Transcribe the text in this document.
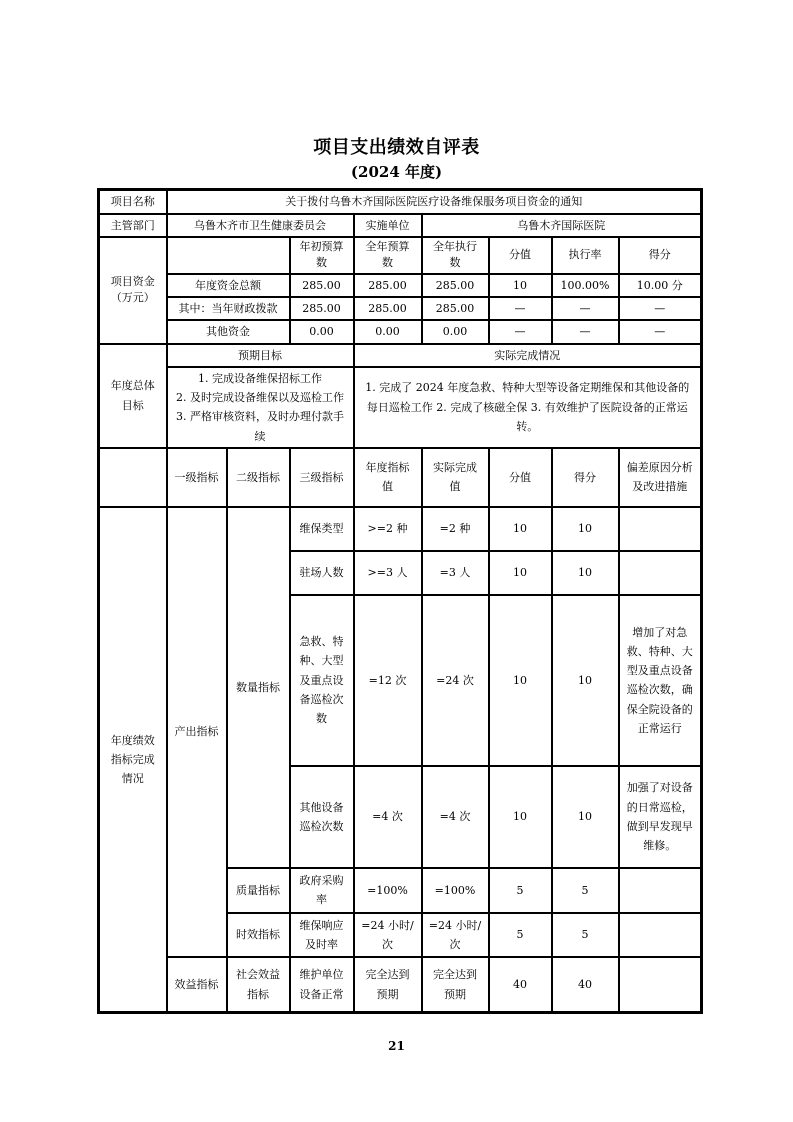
项目支出绩效自评表
(2024 年度)
项目名称	关于拨付乌鲁木齐国际医院医疗设备维保服务项目资金的通知							
主管部门	乌鲁木齐市卫生健康委员会			实施单位	乌鲁木齐国际医院			

项目资金
（万元）			年初预算数	全年预算数	全年执行数	分值	执行率	得分
	年度资金总额		285.00	285.00	285.00	10	100.00%	10.00 分
	其中：当年财政拨款		285.00	285.00	285.00	—	—	—
	其他资金		0.00	0.00	0.00	—	—	—

年度总体
目标	预期目标			实际完成情况				

	1. 完成设备维保招标工作
2. 及时完成设备维保以及巡检工作
3. 严格审核资料，及时办理付款手续			1. 完成了 2024 年度急救、特种大型等设备定期维保和其他设备的每日巡检工作 2. 完成了核磁全保 3. 有效维护了医院设备的正常运转。				
	一级指标	二级指标	三级指标	年度指标值	实际完成值	分值	得分	偏差原因分析及改进措施

年度绩效
指标完成
情况	产出指标	数量指标	维保类型	>=2 种	=2 种	10	10	
			驻场人数	>=3 人	=3 人	10	10	
			急救、特种、大型及重点设备巡检次数	=12 次	=24 次	10	10	增加了对急救、特种、大型及重点设备巡检次数，确保全院设备的正常运行
			其他设备巡检次数	=4 次	=4 次	10	10	加强了对设备的日常巡检，做到早发现早维修。
		质量指标	政府采购率	=100%	=100%	5	5	
		时效指标	维保响应及时率	=24 小时/次	=24 小时/次	5	5	
	效益指标	社会效益指标	维护单位设备正常	完全达到预期	完全达到预期	40	40	
21
